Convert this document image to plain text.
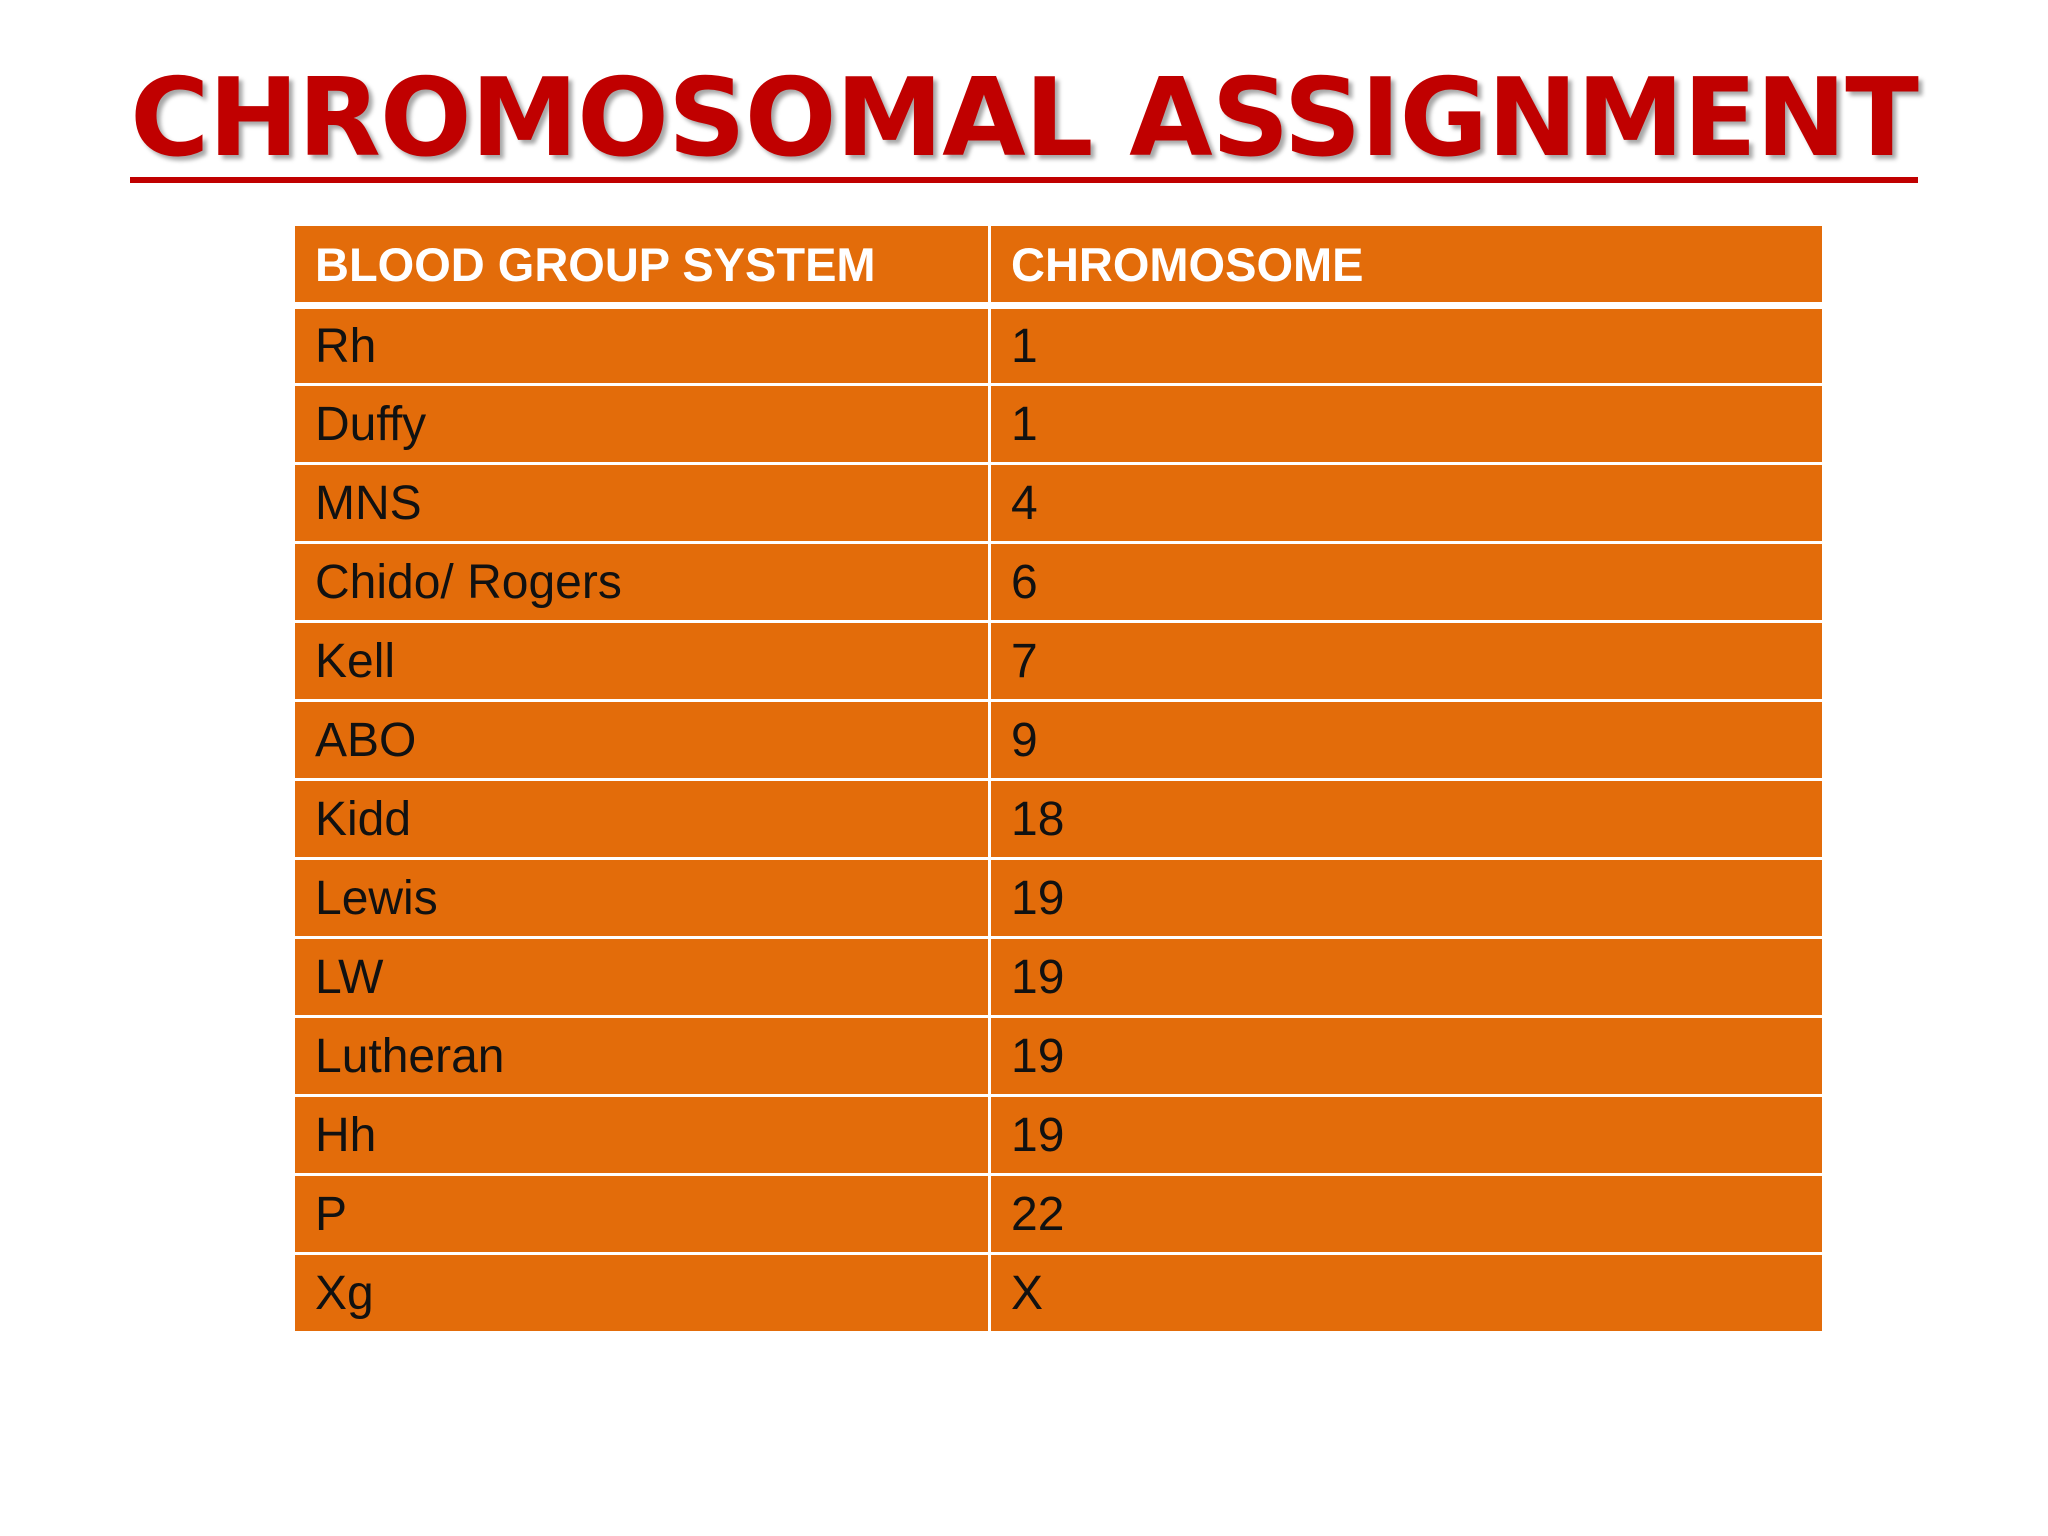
CHROMOSOMAL ASSIGNMENT
BLOOD GROUP SYSTEM	CHROMOSOME
Rh	1
Duffy	1
MNS	4
Chido/ Rogers	6
Kell	7
ABO	9
Kidd	18
Lewis	19
LW	19
Lutheran	19
Hh	19
P	22
Xg	X
